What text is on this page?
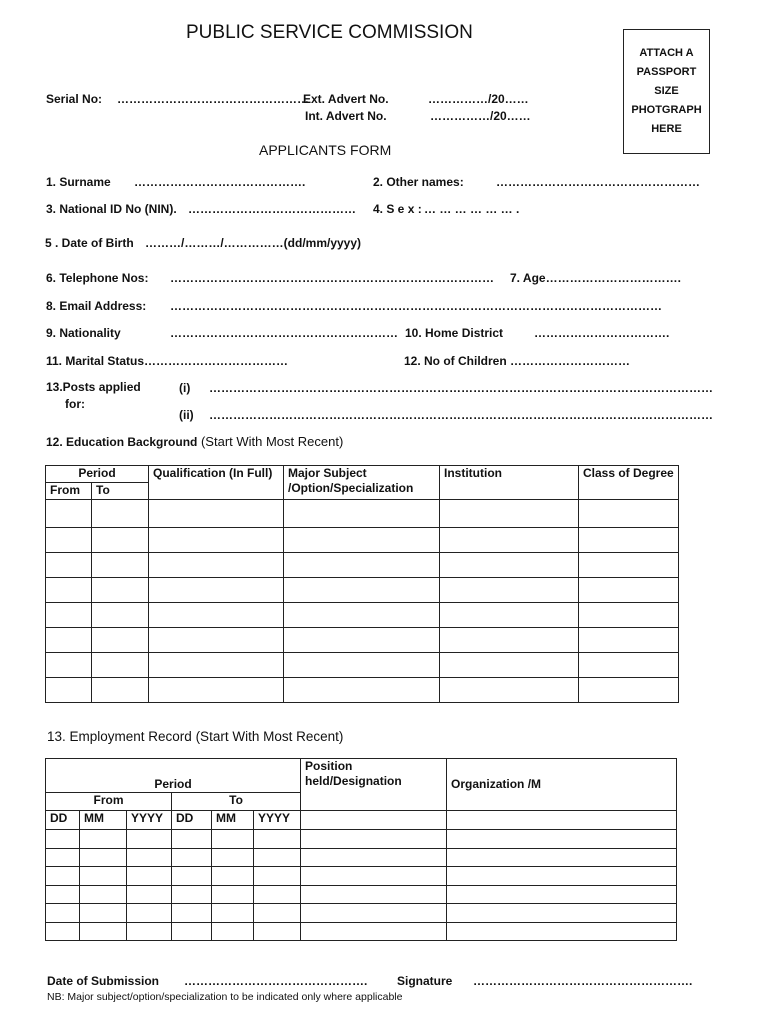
PUBLIC SERVICE COMMISSION
ATTACH A
PASSPORT
SIZE
PHOTGRAPH
HERE
Serial No: …………………………………………
Ext. Advert No.	……………/20……
Int. Advert No.	……………/20……
APPLICANTS FORM
1. Surname …………………………………….	2. Other names:	……………………………………………
3. National ID No (NIN). …………………………………… 4. S e x : … … … … … … .
5 . Date of Birth ………/………/……………(dd/mm/yyyy)
6. Telephone Nos: ……………………………………………………………………… 7. Age…………………………….
8. Email Address: ……………………………………………………………………………………………………………
9. Nationality	………………………………………………… 10. Home District	…………………………….
11. Marital Status………………………………	12. No of Children …………………………
13.Posts applied
for:
(i) ………………………………………………………………………………………………………………
(ii) ………………………………………………………………………………………………………………
12. Education Background (Start With Most Recent)
Period		Qualification (In Full)	Major Subject /Option/Specialization	Institution	Class of Degree
From	To				

13. Employment Record (Start With Most Recent)
Period						Position held/Designation	Organization /M
From			To				
DD	MM	YYYY	DD	MM	YYYY		

Date of Submission ………………………………………. Signature ……………………………………………….
NB: Major subject/option/specialization to be indicated only where applicable
